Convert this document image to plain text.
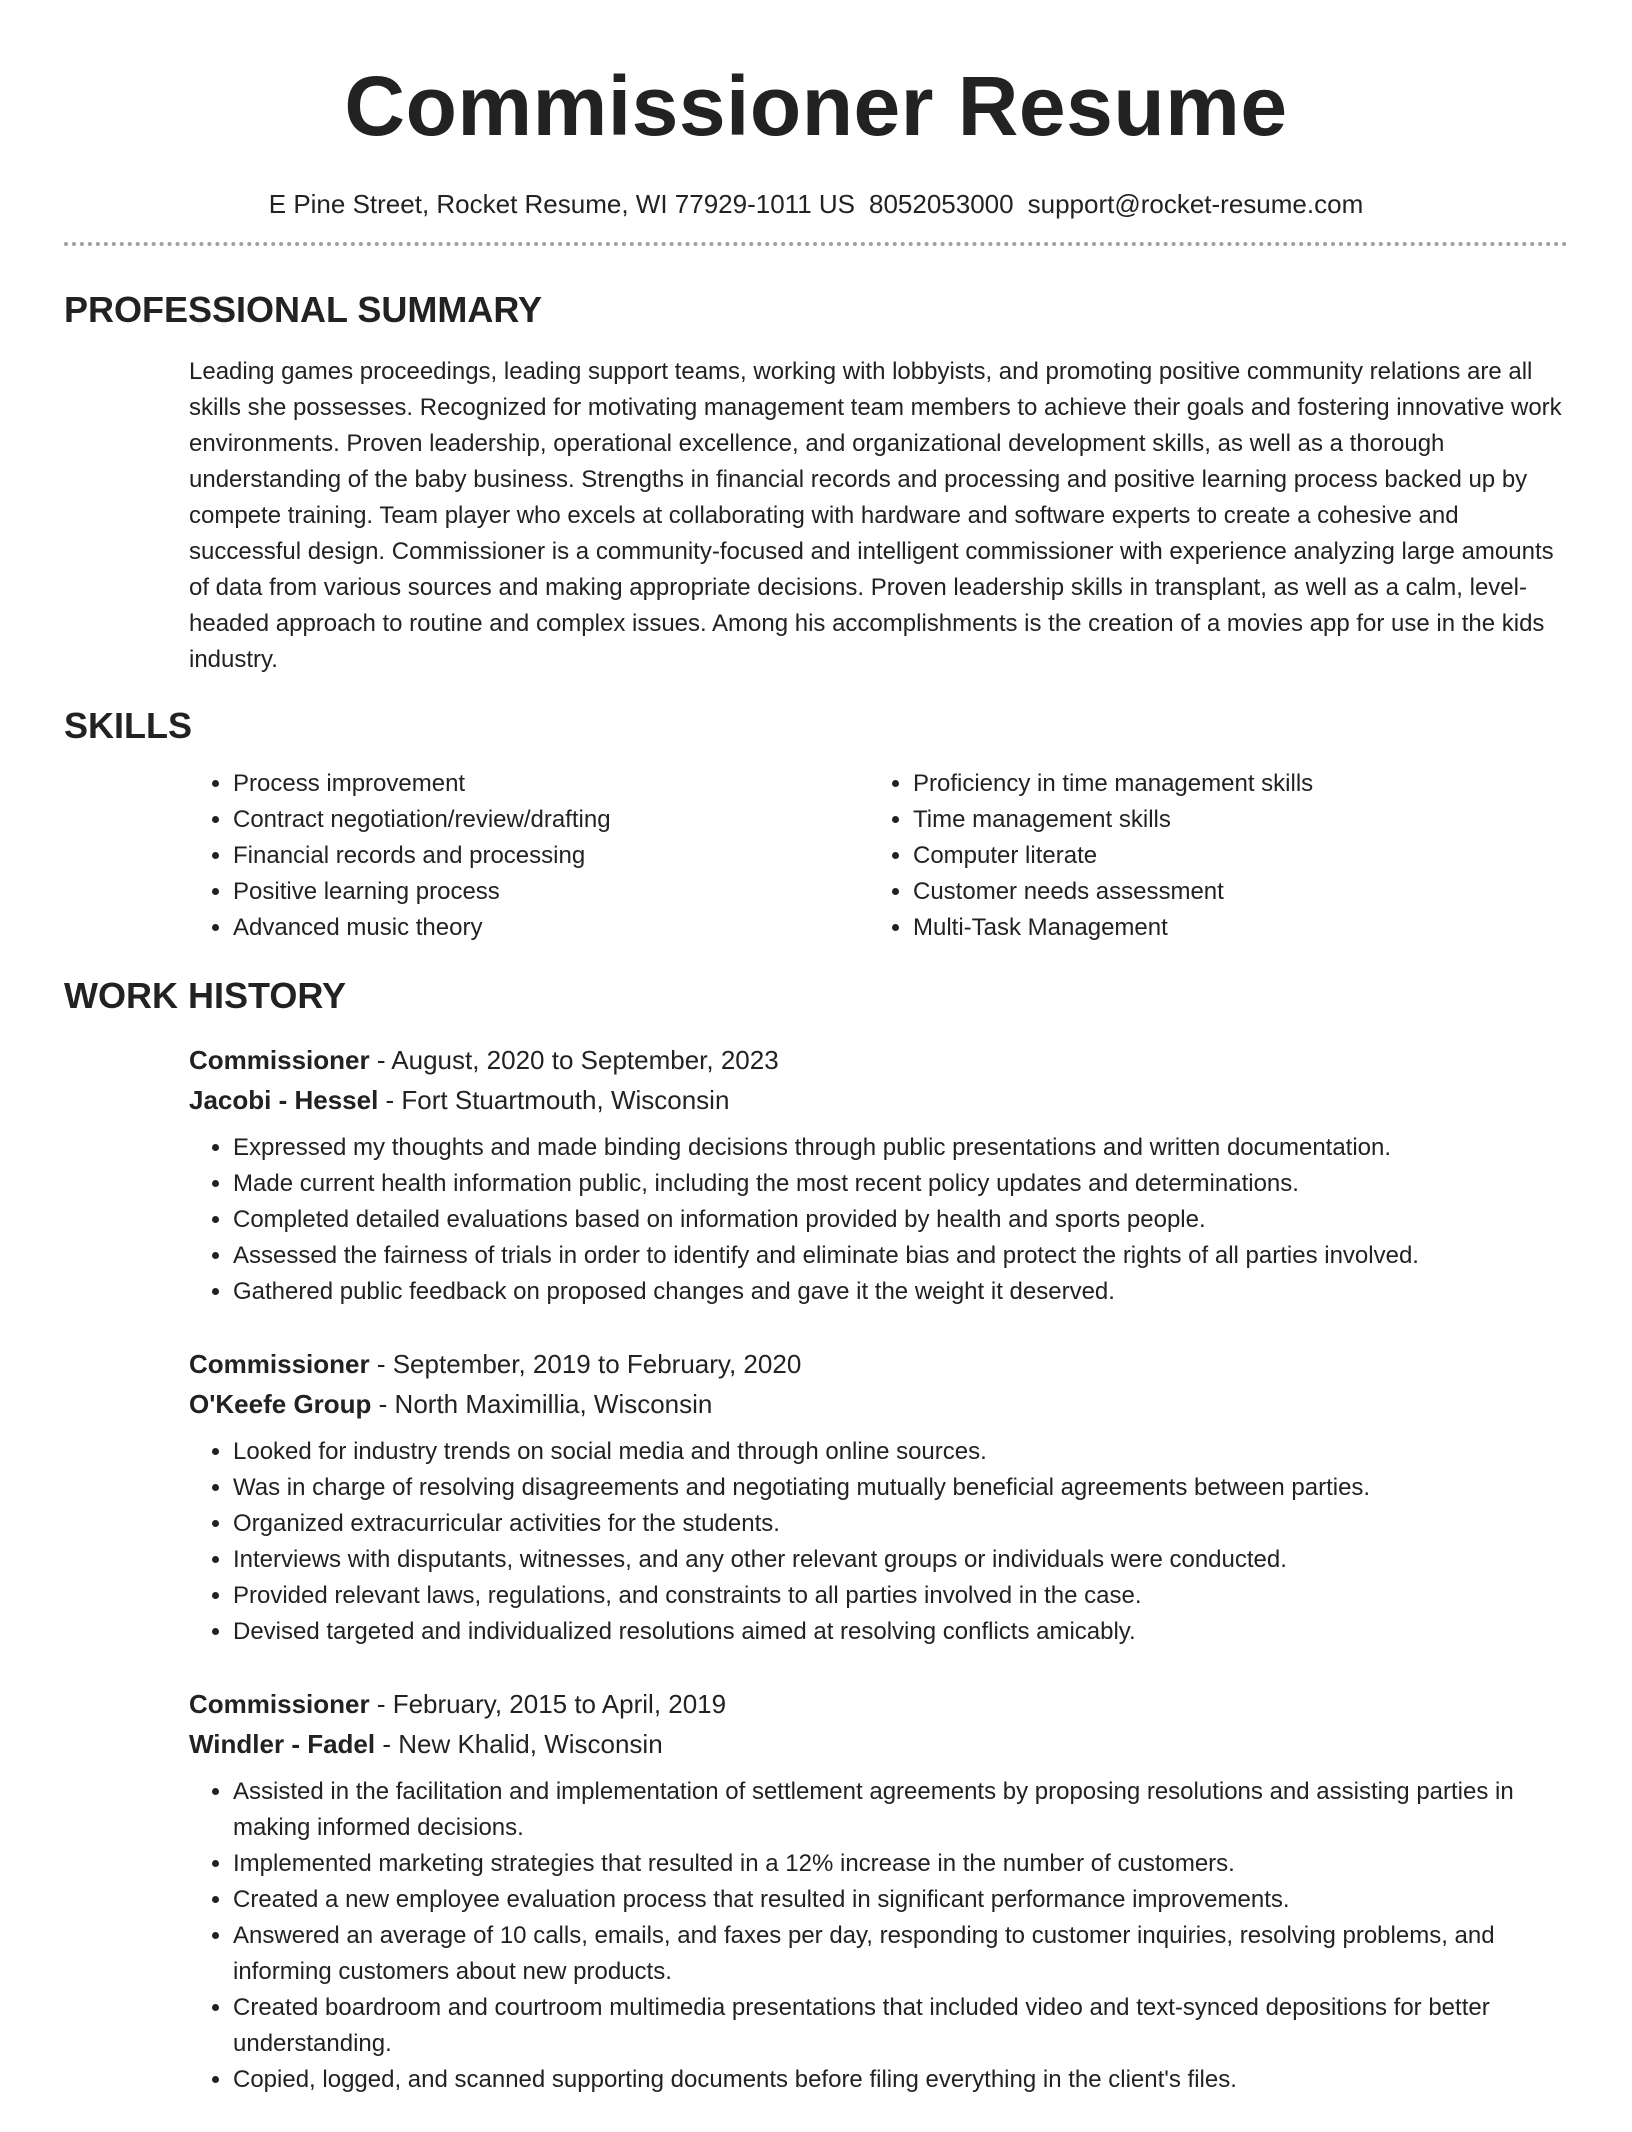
Commissioner Resume
E Pine Street, Rocket Resume, WI 77929-1011 US 8052053000 support@rocket-resume.com
PROFESSIONAL SUMMARY

Leading games proceedings, leading support teams, working with lobbyists, and promoting positive community relations are all skills she possesses. Recognized for motivating management team members to achieve their goals and fostering innovative work environments. Proven leadership, operational excellence, and organizational development skills, as well as a thorough understanding of the baby business. Strengths in financial records and processing and positive learning process backed up by compete training. Team player who excels at collaborating with hardware and software experts to create a cohesive and successful design. Commissioner is a community-focused and intelligent commissioner with experience analyzing large amounts of data from various sources and making appropriate decisions. Proven leadership skills in transplant, as well as a calm, level-headed approach to routine and complex issues. Among his accomplishments is the creation of a movies app for use in the kids industry.

SKILLS
• Process improvement
• Contract negotiation/review/drafting
• Financial records and processing
• Positive learning process
• Advanced music theory
• Proficiency in time management skills
• Time management skills
• Computer literate
• Customer needs assessment
• Multi-Task Management
WORK HISTORY
Commissioner - August, 2020 to September, 2023
Jacobi - Hessel - Fort Stuartmouth, Wisconsin
• Expressed my thoughts and made binding decisions through public presentations and written documentation.
• Made current health information public, including the most recent policy updates and determinations.
• Completed detailed evaluations based on information provided by health and sports people.
• Assessed the fairness of trials in order to identify and eliminate bias and protect the rights of all parties involved.
• Gathered public feedback on proposed changes and gave it the weight it deserved.
Commissioner - September, 2019 to February, 2020
O'Keefe Group - North Maximillia, Wisconsin
• Looked for industry trends on social media and through online sources.
• Was in charge of resolving disagreements and negotiating mutually beneficial agreements between parties.
• Organized extracurricular activities for the students.
• Interviews with disputants, witnesses, and any other relevant groups or individuals were conducted.
• Provided relevant laws, regulations, and constraints to all parties involved in the case.
• Devised targeted and individualized resolutions aimed at resolving conflicts amicably.
Commissioner - February, 2015 to April, 2019
Windler - Fadel - New Khalid, Wisconsin
• Assisted in the facilitation and implementation of settlement agreements by proposing resolutions and assisting parties in making informed decisions.
• Implemented marketing strategies that resulted in a 12% increase in the number of customers.
• Created a new employee evaluation process that resulted in significant performance improvements.
• Answered an average of 10 calls, emails, and faxes per day, responding to customer inquiries, resolving problems, and informing customers about new products.
• Created boardroom and courtroom multimedia presentations that included video and text-synced depositions for better understanding.
• Copied, logged, and scanned supporting documents before filing everything in the client's files.
